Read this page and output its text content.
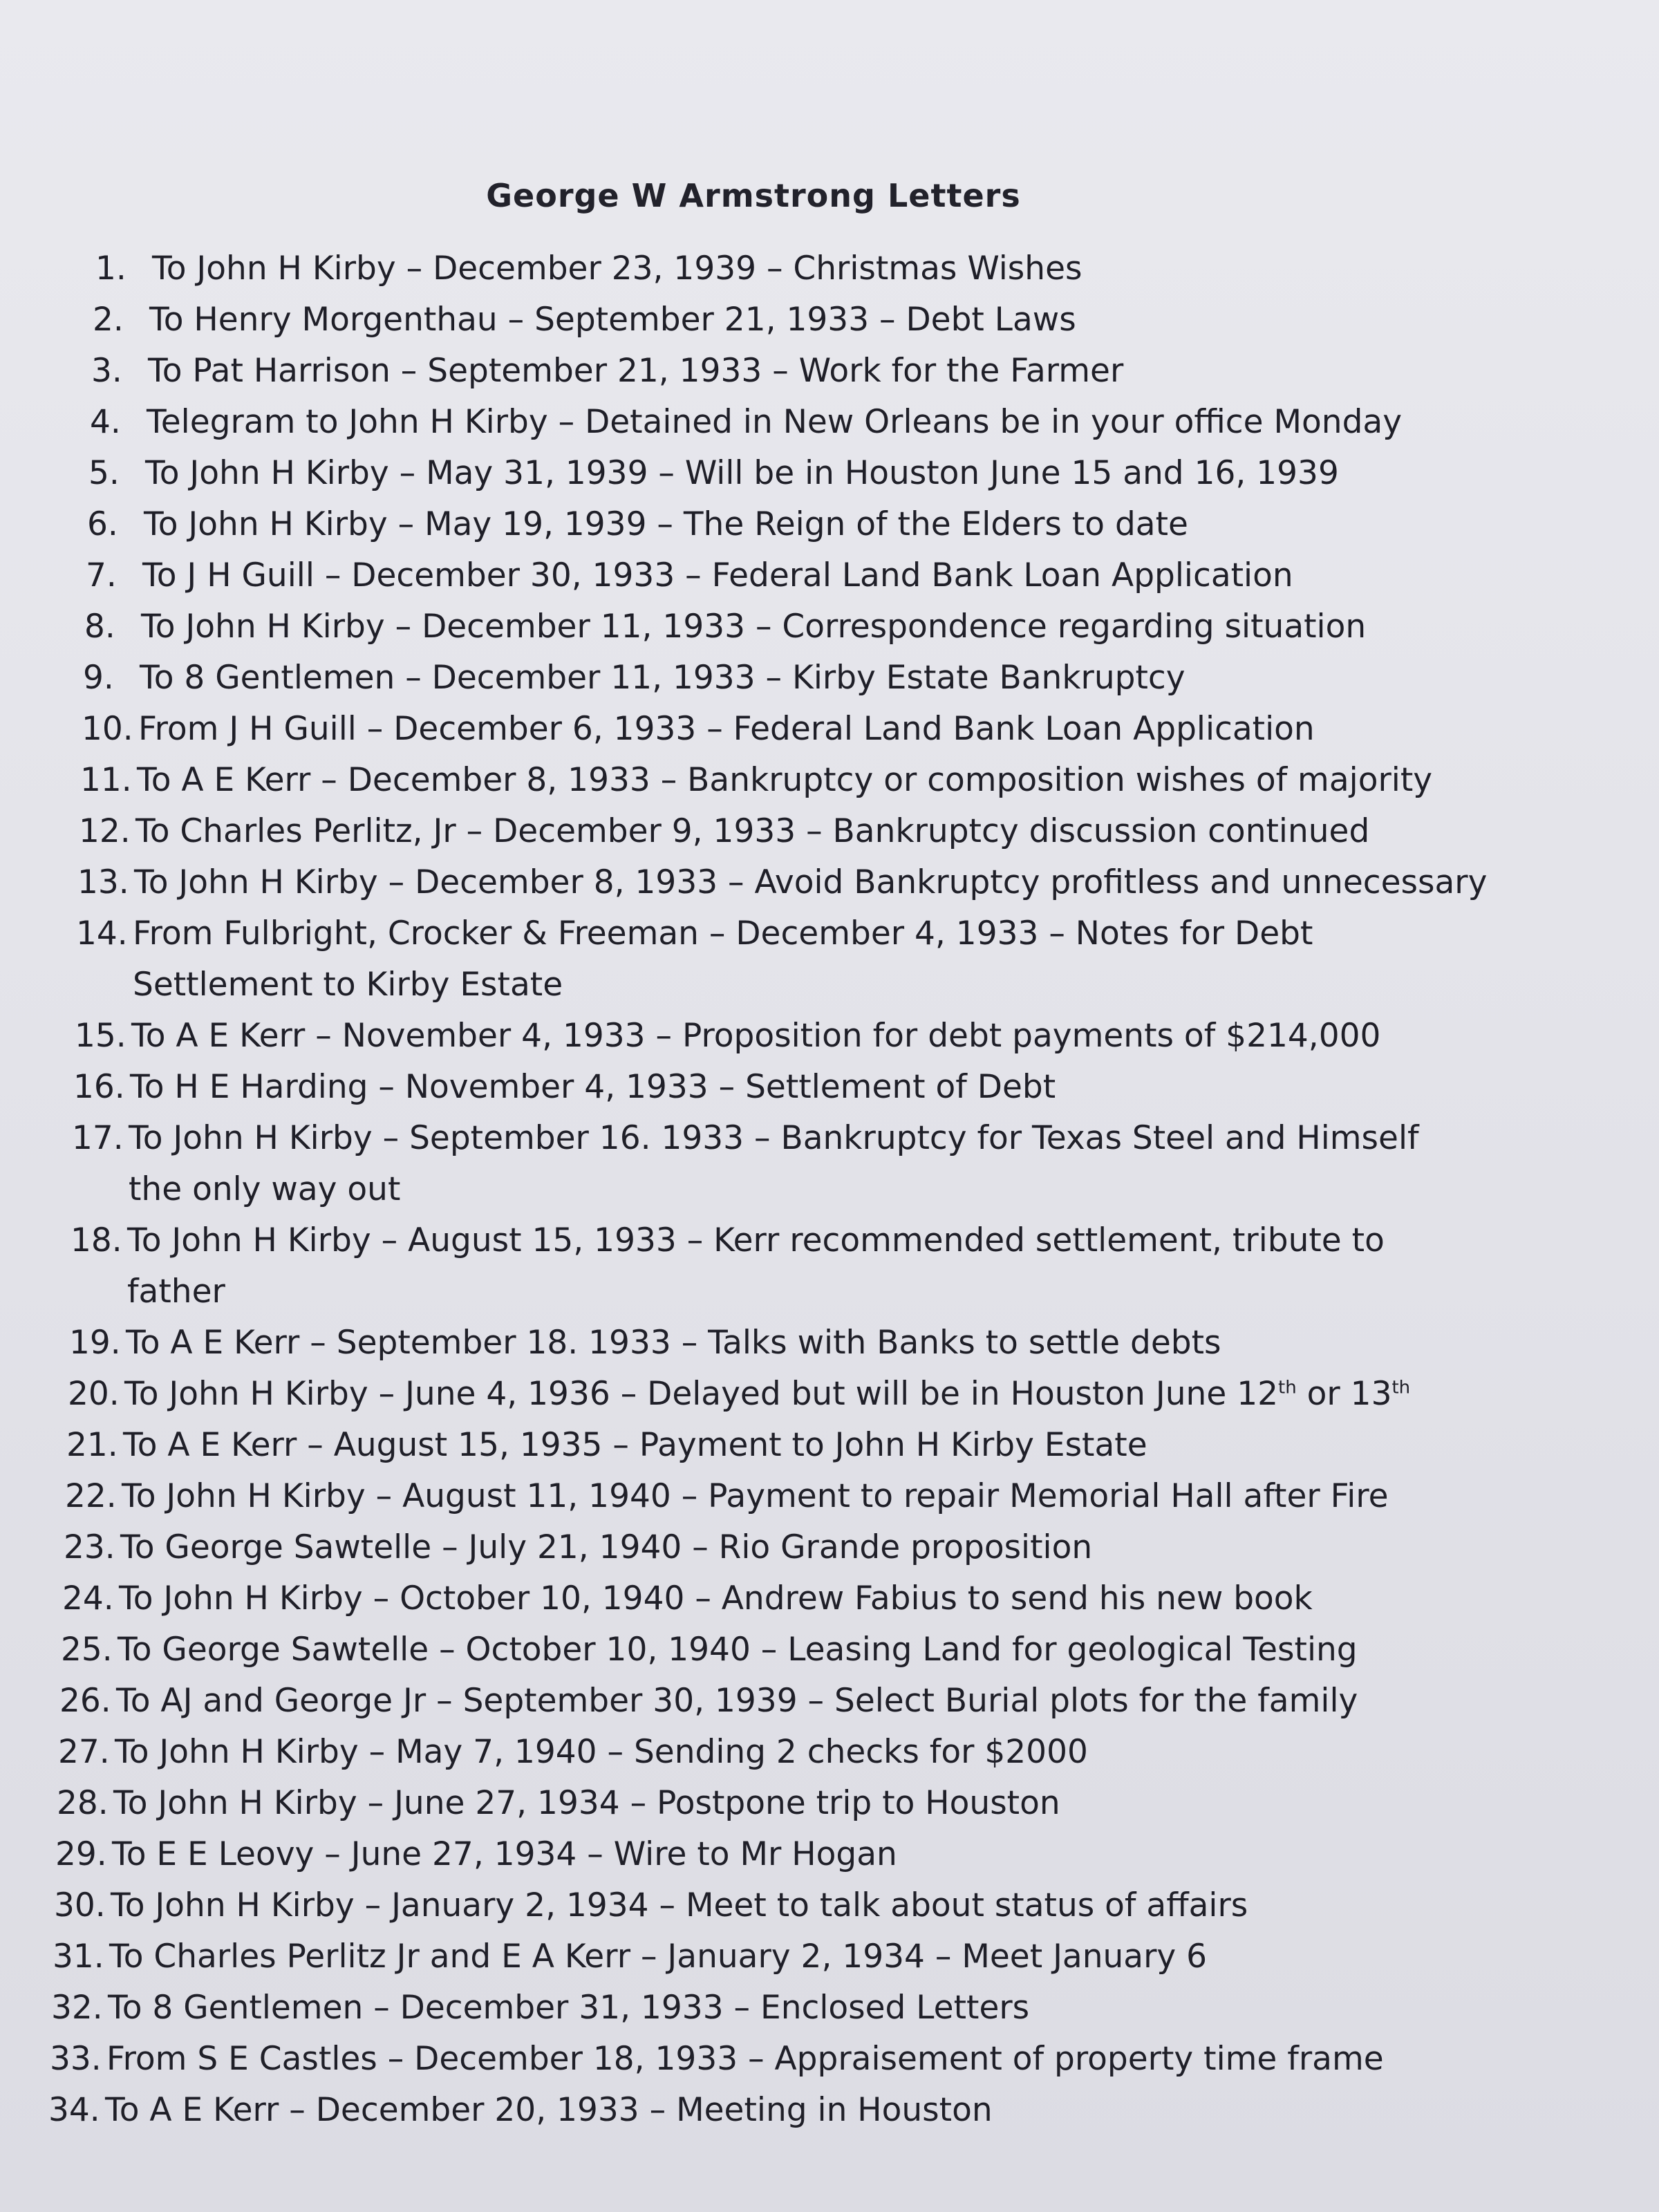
George W Armstrong Letters
1. To John H Kirby – December 23, 1939 – Christmas Wishes
2. To Henry Morgenthau – September 21, 1933 – Debt Laws
3. To Pat Harrison – September 21, 1933 – Work for the Farmer
4. Telegram to John H Kirby – Detained in New Orleans be in your office Monday
5. To John H Kirby – May 31, 1939 – Will be in Houston June 15 and 16, 1939
6. To John H Kirby – May 19, 1939 – The Reign of the Elders to date
7. To J H Guill – December 30, 1933 – Federal Land Bank Loan Application
8. To John H Kirby – December 11, 1933 – Correspondence regarding situation
9. To 8 Gentlemen – December 11, 1933 – Kirby Estate Bankruptcy
10. From J H Guill – December 6, 1933 – Federal Land Bank Loan Application
11. To A E Kerr – December 8, 1933 – Bankruptcy or composition wishes of majority
12. To Charles Perlitz, Jr – December 9, 1933 – Bankruptcy discussion continued
13. To John H Kirby – December 8, 1933 – Avoid Bankruptcy profitless and unnecessary
14. From Fulbright, Crocker & Freeman – December 4, 1933 – Notes for Debt Settlement to Kirby Estate
15. To A E Kerr – November 4, 1933 – Proposition for debt payments of $214,000
16. To H E Harding – November 4, 1933 – Settlement of Debt
17. To John H Kirby – September 16. 1933 – Bankruptcy for Texas Steel and Himself the only way out
18. To John H Kirby – August 15, 1933 – Kerr recommended settlement, tribute to father
19. To A E Kerr – September 18. 1933 – Talks with Banks to settle debts
20. To John H Kirby – June 4, 1936 – Delayed but will be in Houston June 12th or 13th
21. To A E Kerr – August 15, 1935 – Payment to John H Kirby Estate
22. To John H Kirby – August 11, 1940 – Payment to repair Memorial Hall after Fire
23. To George Sawtelle – July 21, 1940 – Rio Grande proposition
24. To John H Kirby – October 10, 1940 – Andrew Fabius to send his new book
25. To George Sawtelle – October 10, 1940 – Leasing Land for geological Testing
26. To AJ and George Jr – September 30, 1939 – Select Burial plots for the family
27. To John H Kirby – May 7, 1940 – Sending 2 checks for $2000
28. To John H Kirby – June 27, 1934 – Postpone trip to Houston
29. To E E Leovy – June 27, 1934 – Wire to Mr Hogan
30. To John H Kirby – January 2, 1934 – Meet to talk about status of affairs
31. To Charles Perlitz Jr and E A Kerr – January 2, 1934 – Meet January 6
32. To 8 Gentlemen – December 31, 1933 – Enclosed Letters
33. From S E Castles – December 18, 1933 – Appraisement of property time frame
34. To A E Kerr – December 20, 1933 – Meeting in Houston
